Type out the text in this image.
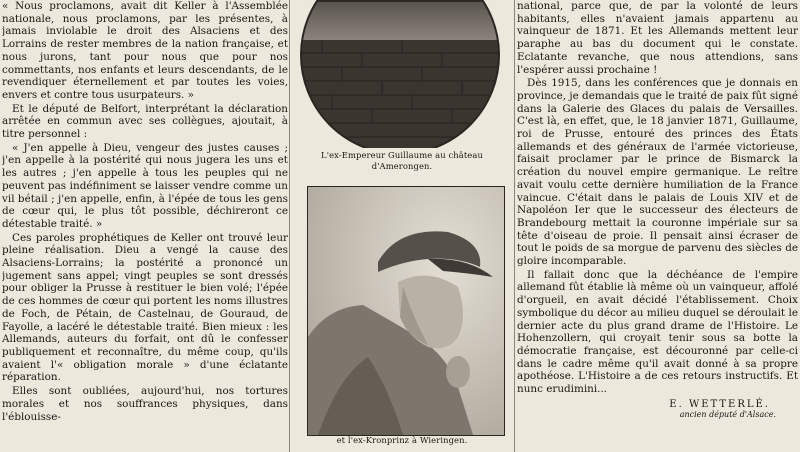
« Nous proclamons, avait dit Keller à l'Assemblée nationale, nous proclamons, par les présentes, à jamais inviolable le droit des Alsaciens et des Lorrains de rester membres de la nation française, et nous jurons, tant pour nous que pour nos commettants, nos enfants et leurs descendants, de le revendiquer éternellement et par toutes les voies, envers et contre tous usurpateurs. »

Et le député de Belfort, interprétant la déclaration arrêtée en commun avec ses collègues, ajoutait, à titre personnel :

« J'en appelle à Dieu, vengeur des justes causes ; j'en appelle à la postérité qui nous jugera les uns et les autres ; j'en appelle à tous les peuples qui ne peuvent pas indéfiniment se laisser vendre comme un vil bétail ; j'en appelle, enfin, à l'épée de tous les gens de cœur qui, le plus tôt possible, déchireront ce détestable traité. »

Ces paroles prophétiques de Keller ont trouvé leur pleine réalisation. Dieu a vengé la cause des Alsaciens-Lorrains; la postérité a prononcé un jugement sans appel; vingt peuples se sont dressés pour obliger la Prusse à restituer le bien volé; l'épée de ces hommes de cœur qui portent les noms illustres de Foch, de Pétain, de Castelnau, de Gouraud, de Fayolle, a lacéré le détestable traité. Bien mieux : les Allemands, auteurs du forfait, ont dû le confesser publiquement et reconnaître, du même coup, qu'ils avaient l'« obligation morale » d'une éclatante réparation.

Elles sont oubliées, aujourd'hui, nos tortures morales et nos souffrances physiques, dans l'éblouisse-

L'ex-Empereur Guillaume au château d'Amerongen.
et l'ex-Kronprinz à Wieringen.

national, parce que, de par la volonté de leurs habitants, elles n'avaient jamais appartenu au vainqueur de 1871. Et les Allemands mettent leur paraphe au bas du document qui le constate. Eclatante revanche, que nous attendions, sans l'espérer aussi prochaine !

Dès 1915, dans les conférences que je donnais en province, je demandais que le traité de paix fût signé dans la Galerie des Glaces du palais de Versailles. C'est là, en effet, que, le 18 janvier 1871, Guillaume, roi de Prusse, entouré des princes des États allemands et des généraux de l'armée victorieuse, faisait proclamer par le prince de Bismarck la création du nouvel empire germanique. Le reître avait voulu cette dernière humiliation de la France vaincue. C'était dans le palais de Louis XIV et de Napoléon Ier que le successeur des électeurs de Brandebourg mettait la couronne impériale sur sa tête d'oiseau de proie. Il pensait ainsi écraser de tout le poids de sa morgue de parvenu des siècles de gloire incomparable.

Il fallait donc que la déchéance de l'empire allemand fût établie là même où un vainqueur, affolé d'orgueil, en avait décidé l'établissement. Choix symbolique du décor au milieu duquel se déroulait le dernier acte du plus grand drame de l'Histoire. Le Hohenzollern, qui croyait tenir sous sa botte la démocratie française, est découronné par celle-ci dans le cadre même qu'il avait donné à sa propre apothéose. L'Histoire a de ces retours instructifs. Et nunc erudimini...

E. WETTERLÉ.
ancien député d'Alsace.
